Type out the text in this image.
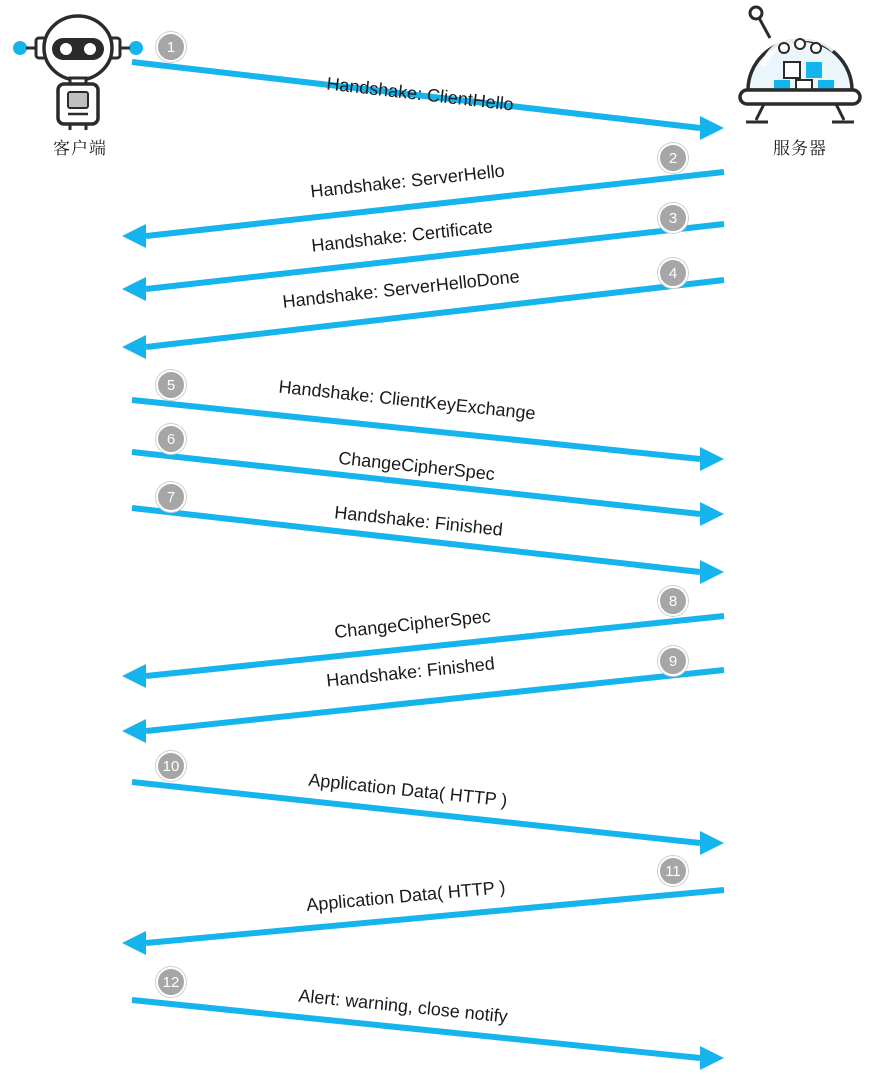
客户端	服务器
1
2
3
4
5
6
7
8
9
10
11
12
Handshake: ClientHello
Handshake: ServerHello
Handshake: Certificate
Handshake: ServerHelloDone
Handshake: ClientKeyExchange
ChangeCipherSpec
Handshake: Finished
ChangeCipherSpec
Handshake: Finished
Application Data( HTTP )
Application Data( HTTP )
Alert: warning, close notify
